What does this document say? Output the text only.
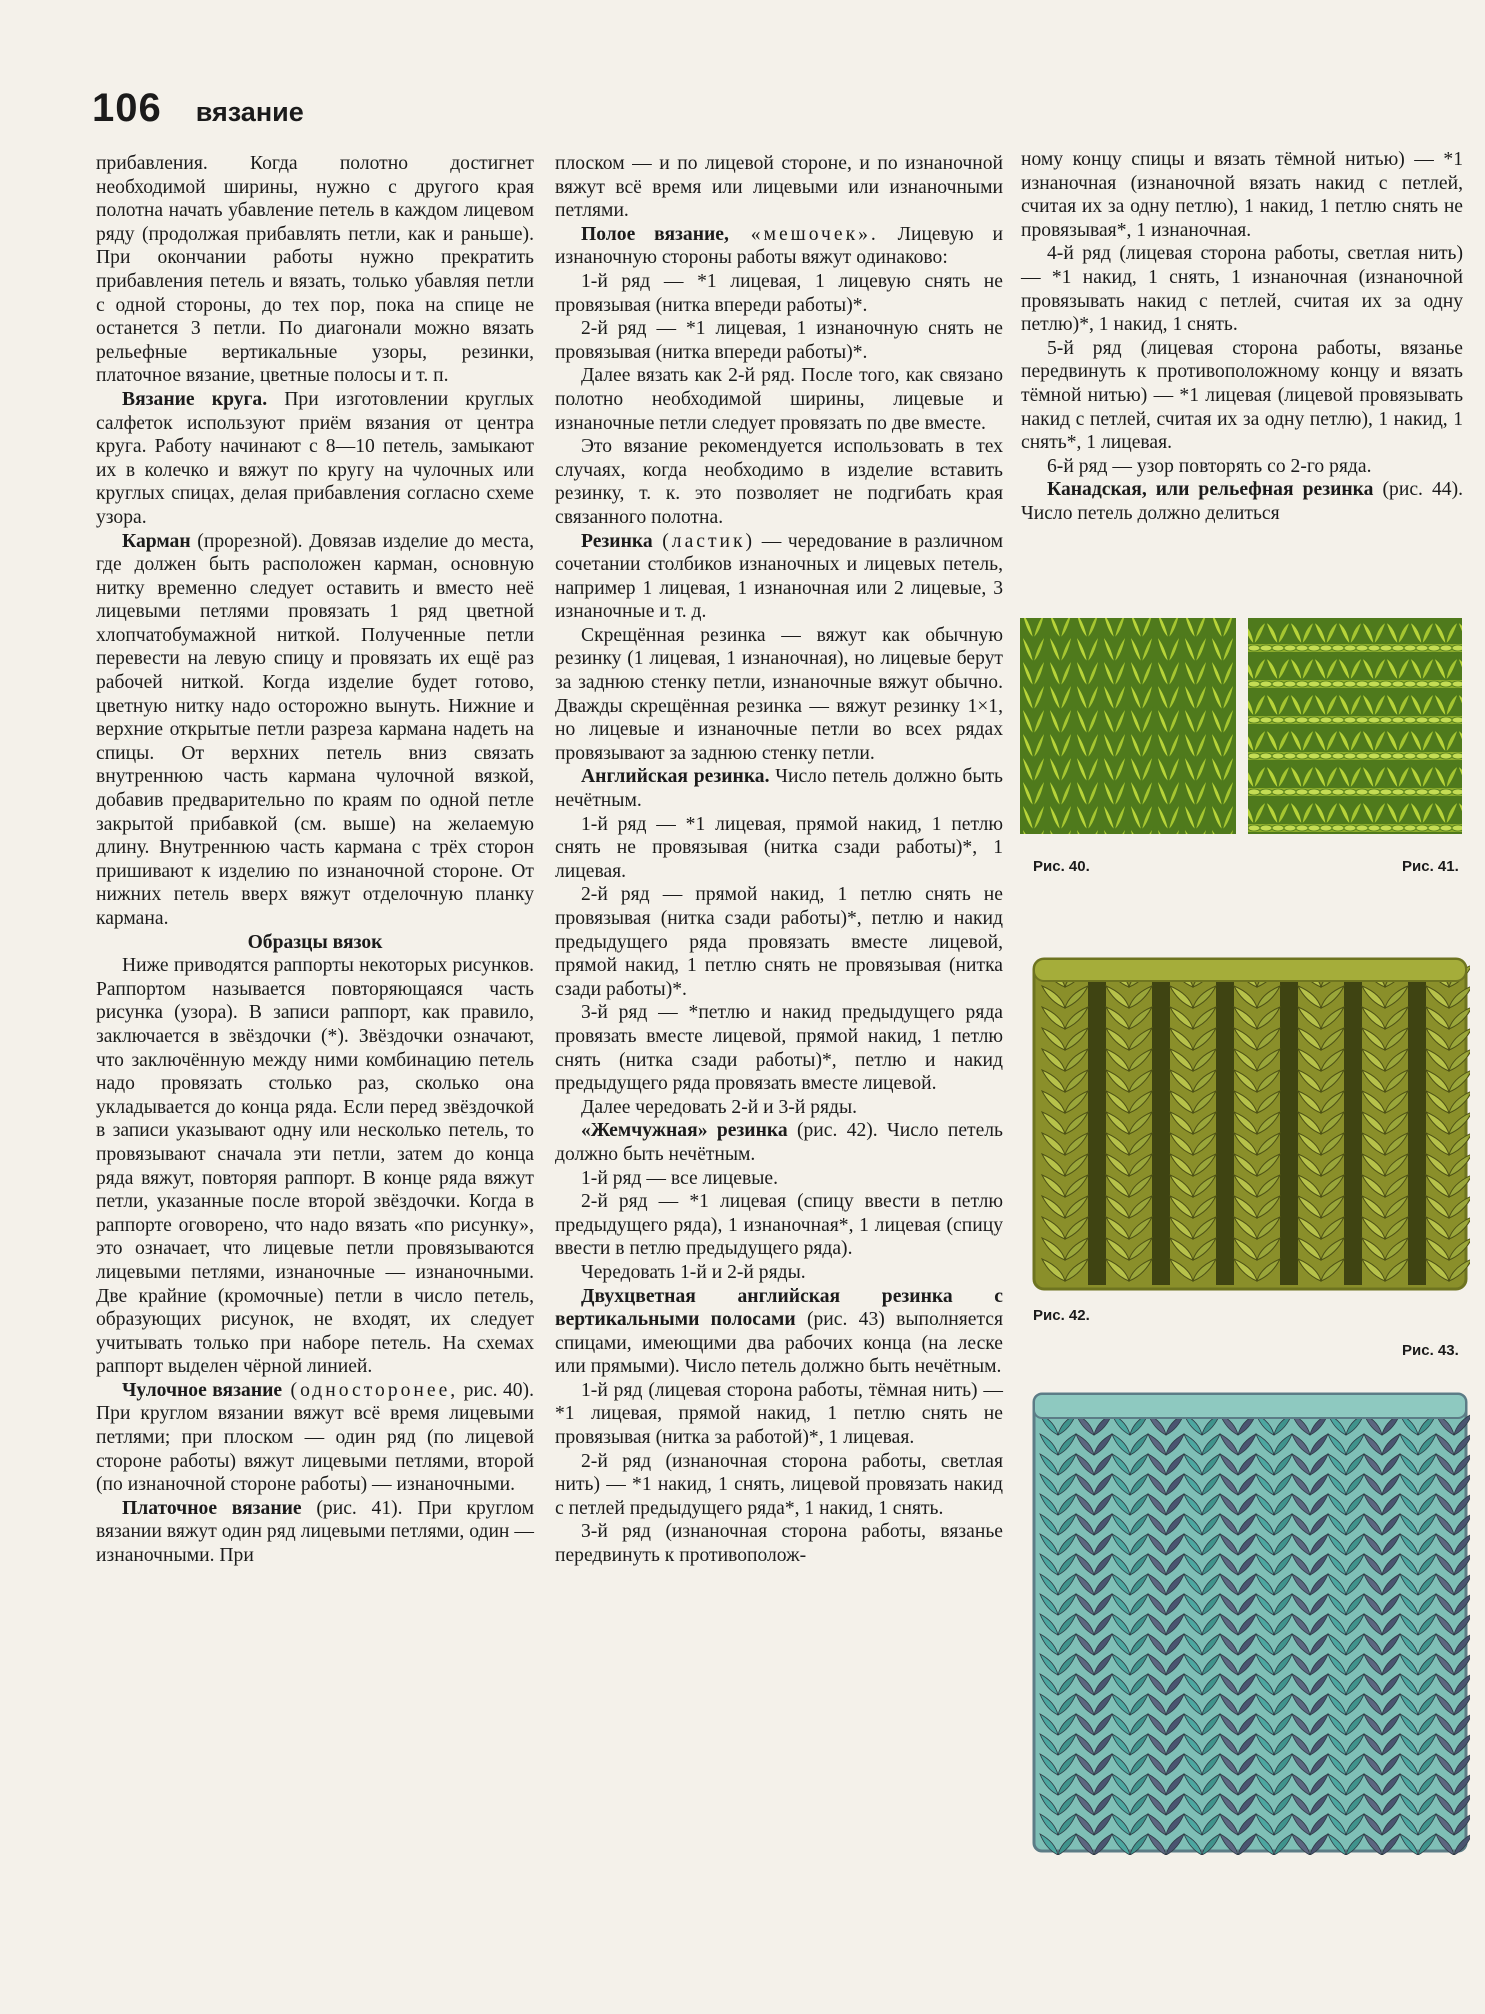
106 вязание

прибавления. Когда полотно достигнет необходимой ширины, нужно с другого края полотна начать убавление петель в каждом лицевом ряду (продолжая прибавлять петли, как и раньше). При окончании работы нужно прекратить прибавления петель и вязать, только убавляя петли с одной стороны, до тех пор, пока на спице не останется 3 петли. По диагонали можно вязать рельефные вертикальные узоры, резинки, платочное вязание, цветные полосы и т. п.

Вязание круга. При изготовлении круглых салфеток используют приём вязания от центра круга. Работу начинают с 8—10 петель, замыкают их в колечко и вяжут по кругу на чулочных или круглых спицах, делая прибавления согласно схеме узора.

Карман (прорезной). Довязав изделие до места, где должен быть расположен карман, основную нитку временно следует оставить и вместо неё лицевыми петлями провязать 1 ряд цветной хлопчатобумажной ниткой. Полученные петли перевести на левую спицу и провязать их ещё раз рабочей ниткой. Когда изделие будет готово, цветную нитку надо осторожно вынуть. Нижние и верхние открытые петли разреза кармана надеть на спицы. От верхних петель вниз связать внутреннюю часть кармана чулочной вязкой, добавив предварительно по краям по одной петле закрытой прибавкой (см. выше) на желаемую длину. Внутреннюю часть кармана с трёх сторон пришивают к изделию по изнаночной стороне. От нижних петель вверх вяжут отделочную планку кармана.

Образцы вязок

Ниже приводятся раппорты некоторых рисунков. Раппортом называется повторяющаяся часть рисунка (узора). В записи раппорт, как правило, заключается в звёздочки (*). Звёздочки означают, что заключённую между ними комбинацию петель надо провязать столько раз, сколько она укладывается до конца ряда. Если перед звёздочкой в записи указывают одну или несколько петель, то провязывают сначала эти петли, затем до конца ряда вяжут, повторяя раппорт. В конце ряда вяжут петли, указанные после второй звёздочки. Когда в раппорте оговорено, что надо вязать «по рисунку», это означает, что лицевые петли провязываются лицевыми петлями, изнаночные — изнаночными. Две крайние (кромочные) петли в число петель, образующих рисунок, не входят, их следует учитывать только при наборе петель. На схемах раппорт выделен чёрной линией.

Чулочное вязание (односторонее, рис. 40). При круглом вязании вяжут всё время лицевыми петлями; при плоском — один ряд (по лицевой стороне работы) вяжут лицевыми петлями, второй (по изнаночной стороне работы) — изнаночными.

Платочное вязание (рис. 41). При круглом вязании вяжут один ряд лицевыми петлями, один — изнаночными. При

плоском — и по лицевой стороне, и по изнаночной вяжут всё время или лицевыми или изнаночными петлями.

Полое вязание, «мешочек». Лицевую и изнаночную стороны работы вяжут одинаково:

1-й ряд — *1 лицевая, 1 лицевую снять не провязывая (нитка впереди работы)*.

2-й ряд — *1 лицевая, 1 изнаночную снять не провязывая (нитка впереди работы)*.

Далее вязать как 2-й ряд. После того, как связано полотно необходимой ширины, лицевые и изнаночные петли следует провязать по две вместе.

Это вязание рекомендуется использовать в тех случаях, когда необходимо в изделие вставить резинку, т. к. это позволяет не подгибать края связанного полотна.

Резинка (ластик) — чередование в различном сочетании столбиков изнаночных и лицевых петель, например 1 лицевая, 1 изнаночная или 2 лицевые, 3 изнаночные и т. д.

Скрещённая резинка — вяжут как обычную резинку (1 лицевая, 1 изнаночная), но лицевые берут за заднюю стенку петли, изнаночные вяжут обычно. Дважды скрещённая резинка — вяжут резинку 1×1, но лицевые и изнаночные петли во всех рядах провязывают за заднюю стенку петли.

Английская резинка. Число петель должно быть нечётным.

1-й ряд — *1 лицевая, прямой накид, 1 петлю снять не провязывая (нитка сзади работы)*, 1 лицевая.

2-й ряд — прямой накид, 1 петлю снять не провязывая (нитка сзади работы)*, петлю и накид предыдущего ряда провязать вместе лицевой, прямой накид, 1 петлю снять не провязывая (нитка сзади работы)*.

3-й ряд — *петлю и накид предыдущего ряда провязать вместе лицевой, прямой накид, 1 петлю снять (нитка сзади работы)*, петлю и накид предыдущего ряда провязать вместе лицевой.

Далее чередовать 2-й и 3-й ряды.

«Жемчужная» резинка (рис. 42). Число петель должно быть нечётным.

1-й ряд — все лицевые.

2-й ряд — *1 лицевая (спицу ввести в петлю предыдущего ряда), 1 изнаночная*, 1 лицевая (спицу ввести в петлю предыдущего ряда).

Чередовать 1-й и 2-й ряды.

Двухцветная английская резинка с вертикальными полосами (рис. 43) выполняется спицами, имеющими два рабочих конца (на леске или прямыми). Число петель должно быть нечётным.

1-й ряд (лицевая сторона работы, тёмная нить) — *1 лицевая, прямой накид, 1 петлю снять не провязывая (нитка за работой)*, 1 лицевая.

2-й ряд (изнаночная сторона работы, светлая нить) — *1 накид, 1 снять, лицевой провязать накид с петлей предыдущего ряда*, 1 накид, 1 снять.

3-й ряд (изнаночная сторона работы, вязанье передвинуть к противополож-

ному концу спицы и вязать тёмной нитью) — *1 изнаночная (изнаночной вязать накид с петлей, считая их за одну петлю), 1 накид, 1 петлю снять не провязывая*, 1 изнаночная.

4-й ряд (лицевая сторона работы, светлая нить) — *1 накид, 1 снять, 1 изнаночная (изнаночной провязывать накид с петлей, считая их за одну петлю)*, 1 накид, 1 снять.

5-й ряд (лицевая сторона работы, вязанье передвинуть к противоположному концу и вязать тёмной нитью) — *1 лицевая (лицевой провязывать накид с петлей, считая их за одну петлю), 1 накид, 1 снять*, 1 лицевая.

6-й ряд — узор повторять со 2-го ряда.

Канадская, или рельефная резинка (рис. 44). Число петель должно делиться

Рис. 40.	Рис. 41.
Рис. 42.
Рис. 43.
